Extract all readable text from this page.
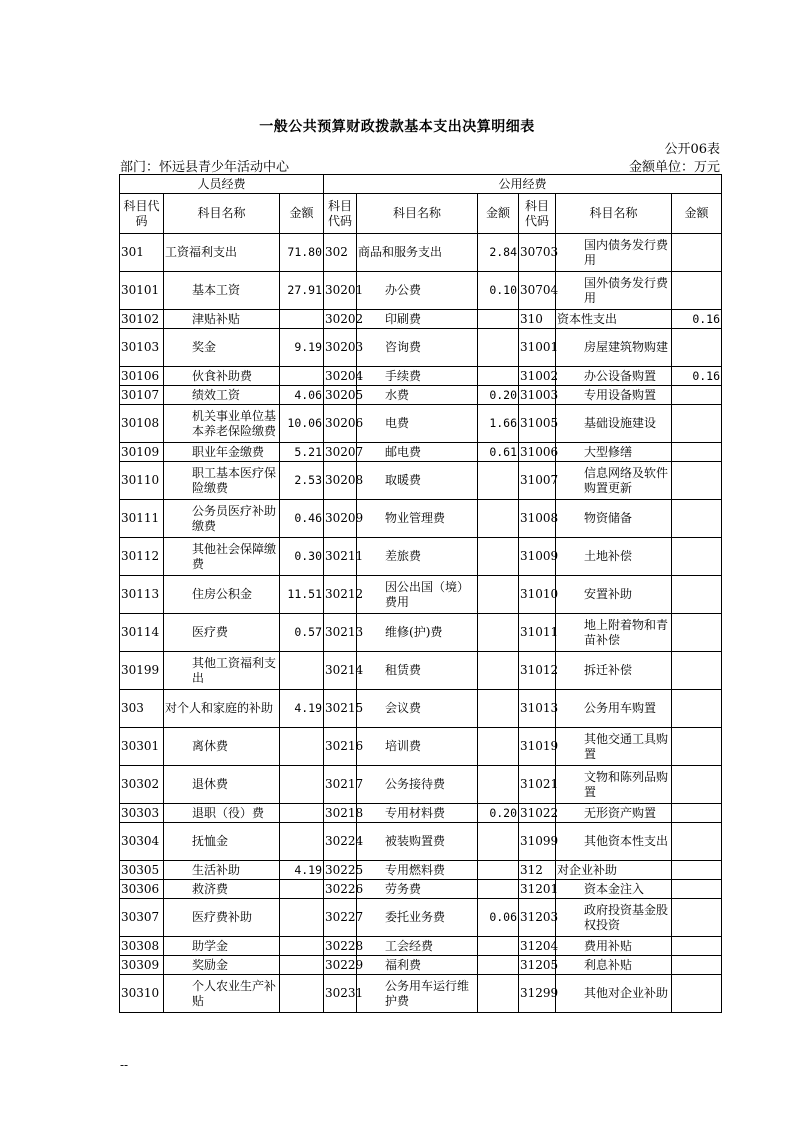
一般公共预算财政拨款基本支出决算明细表
公开06表
部门：怀远县青少年活动中心	金额单位：万元
人员经费			公用经费					
科目代码	科目名称	金额	科目代码	科目名称	金额	科目代码	科目名称	金额
301	工资福利支出	71.80	302	商品和服务支出	2.84	30703	国内债务发行费用	
30101	基本工资	27.91	30201	办公费	0.10	30704	国外债务发行费用	
30102	津贴补贴		30202	印刷费		310	资本性支出	0.16
30103	奖金	9.19	30203	咨询费		31001	房屋建筑物购建	
30106	伙食补助费		30204	手续费		31002	办公设备购置	0.16
30107	绩效工资	4.06	30205	水费	0.20	31003	专用设备购置	
30108	机关事业单位基本养老保险缴费	10.06	30206	电费	1.66	31005	基础设施建设	
30109	职业年金缴费	5.21	30207	邮电费	0.61	31006	大型修缮	
30110	职工基本医疗保险缴费	2.53	30208	取暖费		31007	信息网络及软件购置更新	
30111	公务员医疗补助缴费	0.46	30209	物业管理费		31008	物资储备	
30112	其他社会保障缴费	0.30	30211	差旅费		31009	土地补偿	
30113	住房公积金	11.51	30212	因公出国（境）费用		31010	安置补助	
30114	医疗费	0.57	30213	维修(护)费		31011	地上附着物和青苗补偿	
30199	其他工资福利支出		30214	租赁费		31012	拆迁补偿	
303	对个人和家庭的补助	4.19	30215	会议费		31013	公务用车购置	
30301	离休费		30216	培训费		31019	其他交通工具购置	
30302	退休费		30217	公务接待费		31021	文物和陈列品购置	
30303	退职（役）费		30218	专用材料费	0.20	31022	无形资产购置	
30304	抚恤金		30224	被装购置费		31099	其他资本性支出	
30305	生活补助	4.19	30225	专用燃料费		312	对企业补助	
30306	救济费		30226	劳务费		31201	资本金注入	
30307	医疗费补助		30227	委托业务费	0.06	31203	政府投资基金股权投资	
30308	助学金		30228	工会经费		31204	费用补贴	
30309	奖励金		30229	福利费		31205	利息补贴	
30310	个人农业生产补贴		30231	公务用车运行维护费		31299	其他对企业补助	
--
